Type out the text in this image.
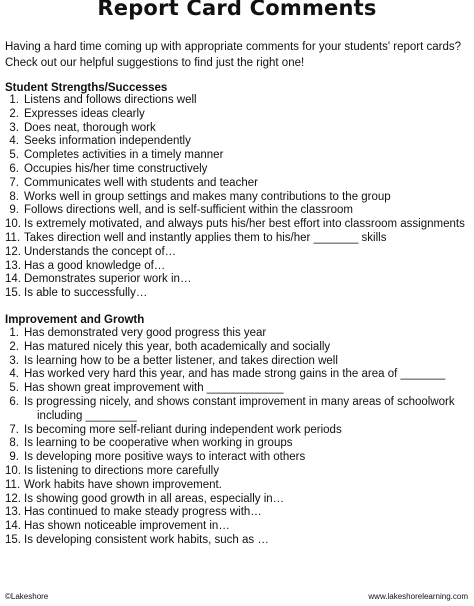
Report Card Comments
Having a hard time coming up with appropriate comments for your students' report cards? Check out our helpful suggestions to find just the right one!
Student Strengths/Successes
1. Listens and follows directions well
2. Expresses ideas clearly
3. Does neat, thorough work
4. Seeks information independently
5. Completes activities in a timely manner
6. Occupies his/her time constructively
7. Communicates well with students and teacher
8. Works well in group settings and makes many contributions to the group
9. Follows directions well, and is self-sufficient within the classroom
10. Is extremely motivated, and always puts his/her best effort into classroom assignments
11. Takes direction well and instantly applies them to his/her _______ skills
12. Understands the concept of…
13. Has a good knowledge of…
14. Demonstrates superior work in…
15. Is able to successfully…
Improvement and Growth
1. Has demonstrated very good progress this year
2. Has matured nicely this year, both academically and socially
3. Is learning how to be a better listener, and takes direction well
4. Has worked very hard this year, and has made strong gains in the area of _______
5. Has shown great improvement with ____________
6. Is progressing nicely, and shows constant improvement in many areas of schoolwork
including ________
7. Is becoming more self-reliant during independent work periods
8. Is learning to be cooperative when working in groups
9. Is developing more positive ways to interact with others
10. Is listening to directions more carefully
11. Work habits have shown improvement.
12. Is showing good growth in all areas, especially in…
13. Has continued to make steady progress with…
14. Has shown noticeable improvement in…
15. Is developing consistent work habits, such as …
©Lakeshore	www.lakeshorelearning.com
